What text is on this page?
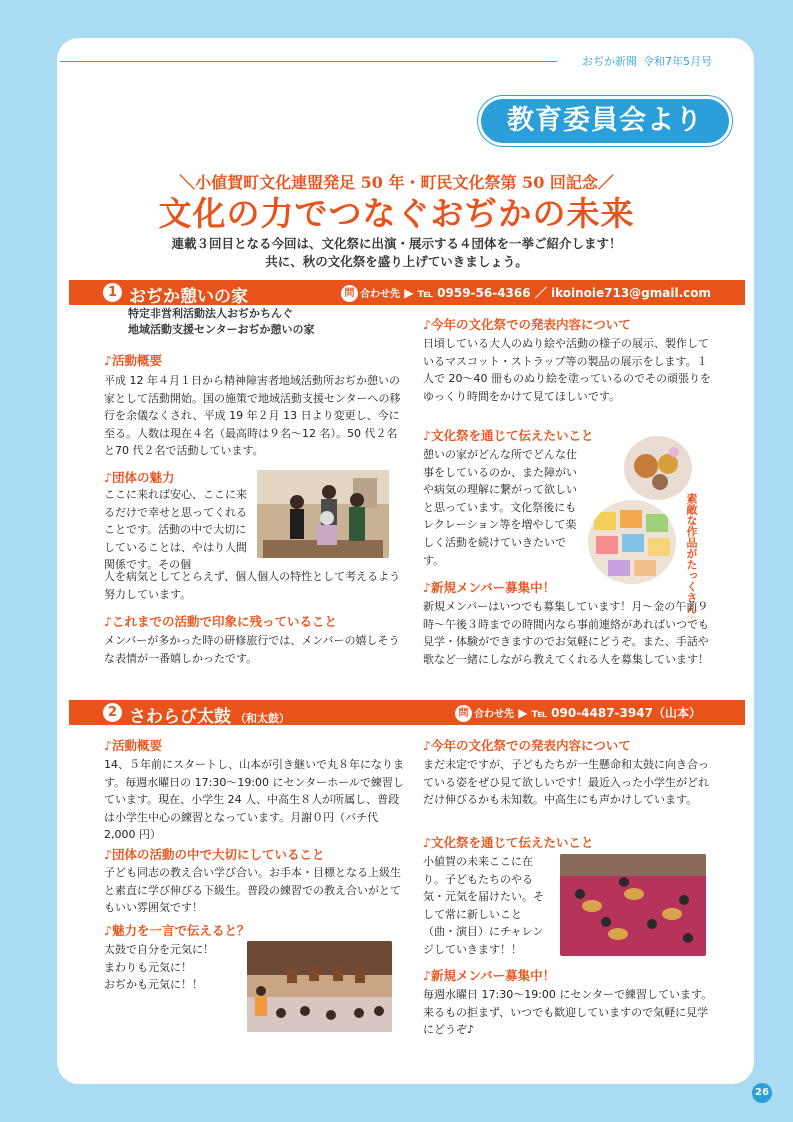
おぢか新聞 令和7年5月号
教育委員会より
＼小値賀町文化連盟発足 50 年・町民文化祭第 50 回記念／
文化の力でつなぐおぢかの未来
連載３回目となる今回は、文化祭に出演・展示する４団体を一挙ご紹介します！
共に、秋の文化祭を盛り上げていきましょう。
1 おぢか憩いの家	問 合わせ先 ▶ ℡ 0959-56-4366 ／ ikoinoie713@gmail.com
特定非営利活動法人おぢかちんぐ
地域活動支援センターおぢか憩いの家
♪活動概要
平成 12 年４月１日から精神障害者地域活動所おぢか憩いの家として活動開始。国の施策で地域活動支援センターへの移行を余儀なくされ、平成 19 年２月 13 日より変更し、今に至る。人数は現在４名（最高時は９名～12 名）。50 代２名と70 代２名で活動しています。
♪団体の魅力
ここに来れば安心、ここに来るだけで幸せと思ってくれることです。活動の中で大切にしていることは、やはり人間関係です。その個
人を病気としてとらえず、個人個人の特性として考えるよう努力しています。
♪これまでの活動で印象に残っていること
メンバーが多かった時の研修旅行では、メンバーの嬉しそうな表情が一番嬉しかったです。
♪今年の文化祭での発表内容について
日頃している大人のぬり絵や活動の様子の展示、製作しているマスコット・ストラップ等の製品の展示をします。１人で 20～40 冊ものぬり絵を塗っているのでその頑張りをゆっくり時間をかけて見てほしいです。
♪文化祭を通じて伝えたいこと
憩いの家がどんな所でどんな仕事をしているのか、また障がいや病気の理解に繋がって欲しいと思っています。文化祭後にもレクレーション等を増やして楽しく活動を続けていきたいです。	素敵な作品がたっくさん♡
♪新規メンバー募集中！
新規メンバーはいつでも募集しています！月～金の午前９時～午後３時までの時間内なら事前連絡があればいつでも見学・体験ができますのでお気軽にどうぞ。また、手話や歌など一緒にしながら教えてくれる人を募集しています！
2 さわらび太鼓 （和太鼓）	問 合わせ先 ▶ ℡ 090-4487-3947（山本）
♪活動概要
14、５年前にスタートし、山本が引き継いで丸８年になります。毎週水曜日の 17:30～19:00 にセンターホールで練習しています。現在、小学生 24 人、中高生８人が所属し、普段は小学生中心の練習となっています。月謝０円（バチ代 2,000 円）
♪団体の活動の中で大切にしていること
子ども同志の教え合い学び合い。お手本・目標となる上級生と素直に学び伸びる下級生。普段の練習での教え合いがとてもいい雰囲気です！
♪魅力を一言で伝えると？
太鼓で自分を元気に！
まわりも元気に！
おぢかも元気に！！
♪今年の文化祭での発表内容について
まだ未定ですが、子どもたちが一生懸命和太鼓に向き合っている姿をぜひ見て欲しいです！最近入った小学生がどれだけ伸びるかも未知数。中高生にも声かけしています。
♪文化祭を通じて伝えたいこと
小値賀の未来ここに在り。子どもたちのやる気・元気を届けたい。そして常に新しいこと（曲・演目）にチャレンジしていきます！！
♪新規メンバー募集中！
毎週水曜日 17:30～19:00 にセンターで練習しています。来るもの拒まず、いつでも歓迎していますので気軽に見学にどうぞ♪
26
